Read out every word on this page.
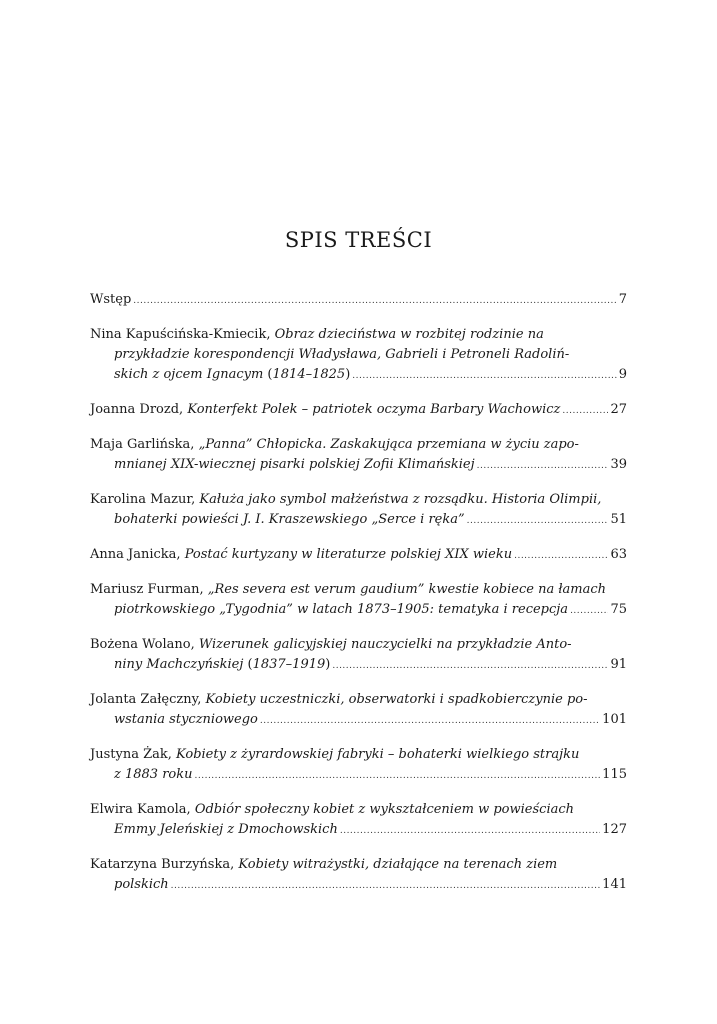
SPIS TREŚCI
Wstęp .....	7
Nina Kapuścińska-Kmiecik, Obraz dzieciństwa w rozbitej rodzinie na
przykładzie korespondencji Władysława, Gabrieli i Petroneli Radoliń-
skich z ojcem Ignacym (1814–1825) .....	9
Joanna Drozd, Konterfekt Polek – patriotek oczyma Barbary Wachowicz .....	27
Maja Garlińska, „Panna” Chłopicka. Zaskakująca przemiana w życiu zapo-
mnianej XIX-wiecznej pisarki polskiej Zofii Klimańskiej .....	39
Karolina Mazur, Kałuża jako symbol małżeństwa z rozsądku. Historia Olimpii,
bohaterki powieści J. I. Kraszewskiego „Serce i ręka” .....	51
Anna Janicka, Postać kurtyzany w literaturze polskiej XIX wieku .....	63
Mariusz Furman, „Res severa est verum gaudium” kwestie kobiece na łamach
piotrkowskiego „Tygodnia” w latach 1873–1905: tematyka i recepcja .....	75
Bożena Wolano, Wizerunek galicyjskiej nauczycielki na przykładzie Anto-
niny Machczyńskiej (1837–1919) .....	91
Jolanta Załęczny, Kobiety uczestniczki, obserwatorki i spadkobierczynie po-
wstania styczniowego .....	101
Justyna Żak, Kobiety z żyrardowskiej fabryki – bohaterki wielkiego strajku
z 1883 roku .....	115
Elwira Kamola, Odbiór społeczny kobiet z wykształceniem w powieściach
Emmy Jeleńskiej z Dmochowskich .....	127
Katarzyna Burzyńska, Kobiety witrażystki, działające na terenach ziem
polskich .....	141
